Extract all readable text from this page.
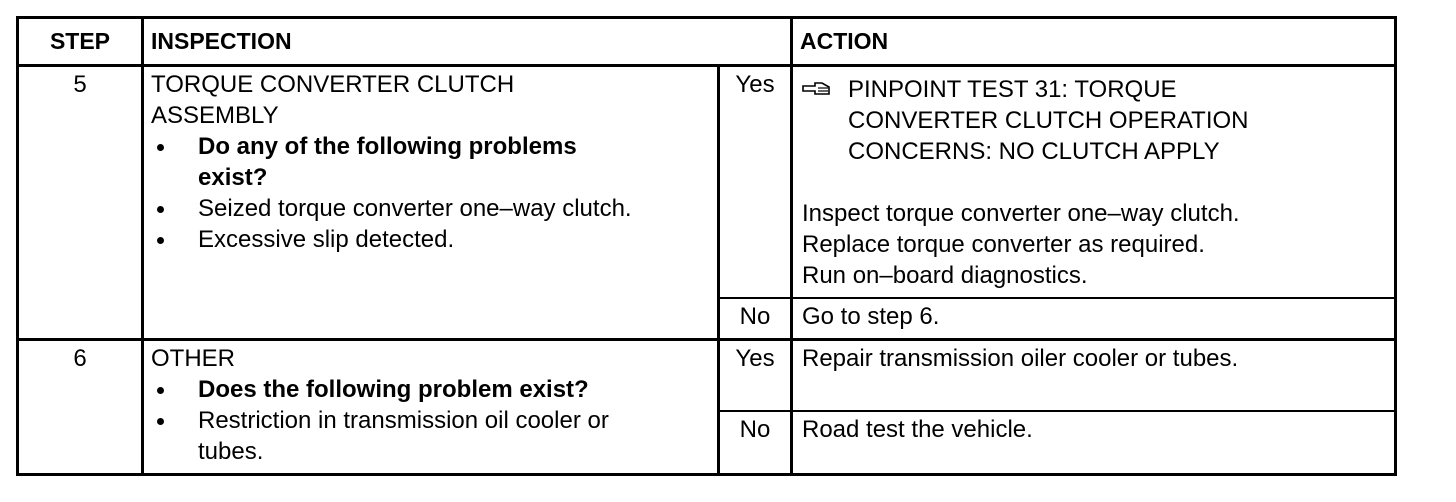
STEP	INSPECTION	ACTION
5	TORQUE CONVERTER CLUTCH
ASSEMBLY
Do any of the following problems
exist?
Seized torque converter one–way clutch.
Excessive slip detected.
Yes	PINPOINT TEST 31: TORQUE
CONVERTER CLUTCH OPERATION
CONCERNS: NO CLUTCH APPLY
Inspect torque converter one–way clutch.
Replace torque converter as required.
Run on–board diagnostics.
No	Go to step 6.
6	OTHER
Does the following problem exist?
Restriction in transmission oil cooler or
tubes.
Yes	Repair transmission oiler cooler or tubes.
No	Road test the vehicle.
